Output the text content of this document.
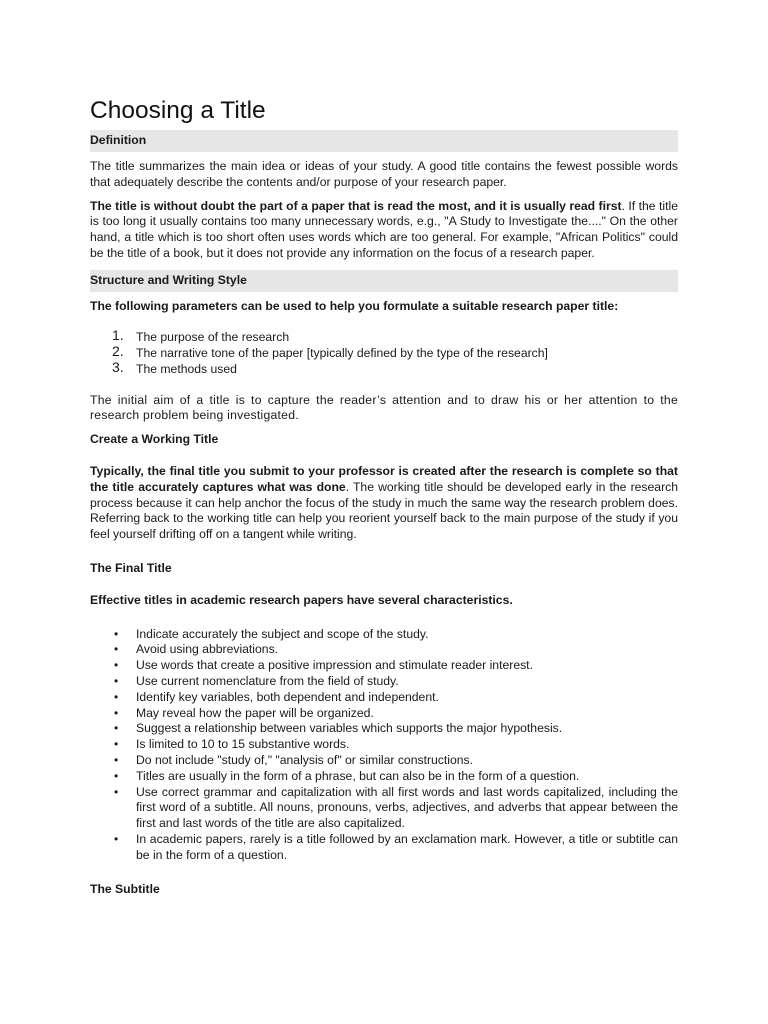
Choosing a Title
Definition

The title summarizes the main idea or ideas of your study. A good title contains the fewest possible words that adequately describe the contents and/or purpose of your research paper.

The title is without doubt the part of a paper that is read the most, and it is usually read first. If the title is too long it usually contains too many unnecessary words, e.g., "A Study to Investigate the...." On the other hand, a title which is too short often uses words which are too general. For example, "African Politics" could be the title of a book, but it does not provide any information on the focus of a research paper.

Structure and Writing Style

The following parameters can be used to help you formulate a suitable research paper title:

1. The purpose of the research
2. The narrative tone of the paper [typically defined by the type of the research]
3. The methods used

The initial aim of a title is to capture the reader’s attention and to draw his or her attention to the research problem being investigated.

Create a Working Title

Typically, the final title you submit to your professor is created after the research is complete so that the title accurately captures what was done. The working title should be developed early in the research process because it can help anchor the focus of the study in much the same way the research problem does. Referring back to the working title can help you reorient yourself back to the main purpose of the study if you feel yourself drifting off on a tangent while writing.

The Final Title

Effective titles in academic research papers have several characteristics.

• Indicate accurately the subject and scope of the study.
• Avoid using abbreviations.
• Use words that create a positive impression and stimulate reader interest.
• Use current nomenclature from the field of study.
• Identify key variables, both dependent and independent.
• May reveal how the paper will be organized.
• Suggest a relationship between variables which supports the major hypothesis.
• Is limited to 10 to 15 substantive words.
• Do not include "study of," "analysis of" or similar constructions.
• Titles are usually in the form of a phrase, but can also be in the form of a question.
• Use correct grammar and capitalization with all first words and last words capitalized, including the first word of a subtitle. All nouns, pronouns, verbs, adjectives, and adverbs that appear between the first and last words of the title are also capitalized.
• In academic papers, rarely is a title followed by an exclamation mark. However, a title or subtitle can be in the form of a question.
The Subtitle
